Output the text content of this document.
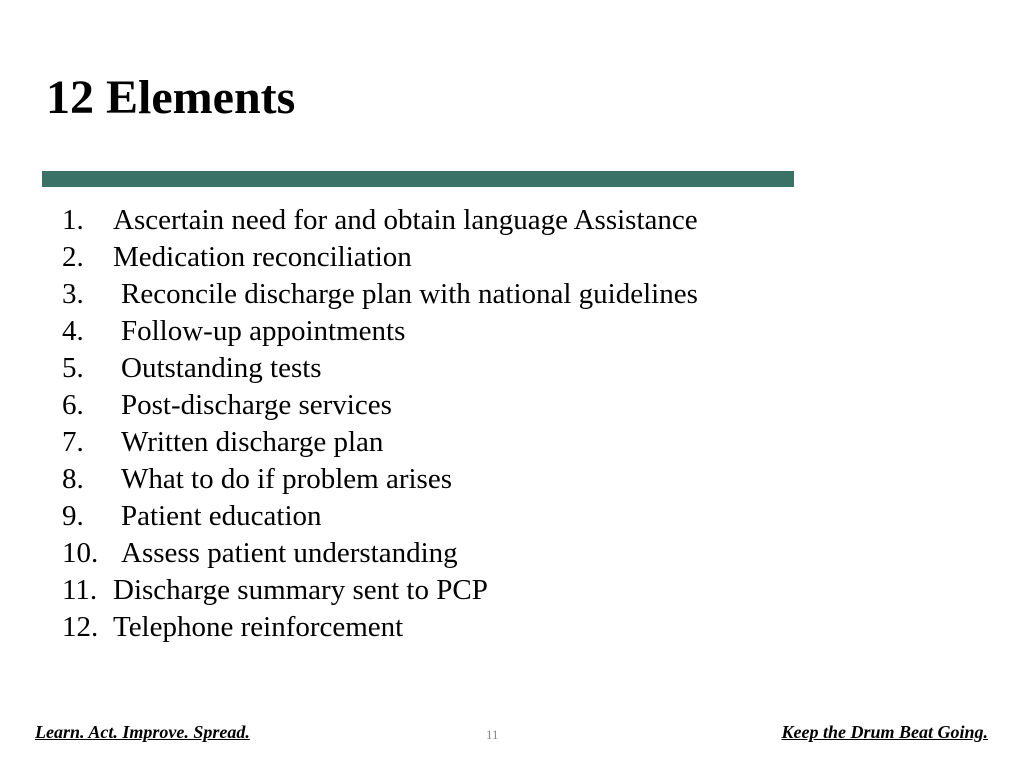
12 Elements
1. Ascertain need for and obtain language Assistance
2. Medication reconciliation
3. Reconcile discharge plan with national guidelines
4. Follow-up appointments
5. Outstanding tests
6. Post-discharge services
7. Written discharge plan
8. What to do if problem arises
9. Patient education
10. Assess patient understanding
11. Discharge summary sent to PCP
12. Telephone reinforcement
Learn. Act. Improve. Spread.	11	Keep the Drum Beat Going.
